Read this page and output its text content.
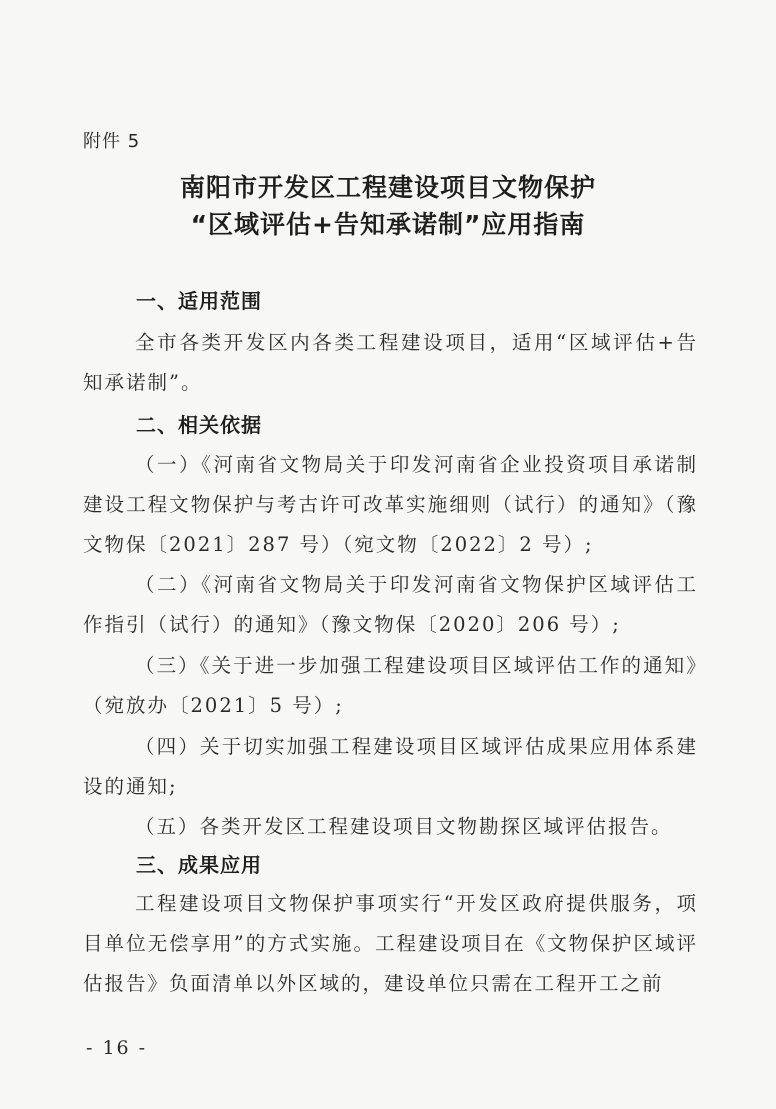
附件 5

南阳市开发区工程建设项目文物保护
“区域评估+告知承诺制”应用指南
一、适用范围

全市各类开发区内各类工程建设项目，适用“区域评估+告知承诺制”。

二、相关依据

（一）《河南省文物局关于印发河南省企业投资项目承诺制建设工程文物保护与考古许可改革实施细则（试行）的通知》（豫文物保〔2021〕287 号）（宛文物〔2022〕2 号）;

（二）《河南省文物局关于印发河南省文物保护区域评估工作指引（试行）的通知》（豫文物保〔2020〕206 号）;

（三）《关于进一步加强工程建设项目区域评估工作的通知》（宛放办〔2021〕5 号）;

（四）关于切实加强工程建设项目区域评估成果应用体系建设的通知;

（五）各类开发区工程建设项目文物勘探区域评估报告。

三、成果应用

工程建设项目文物保护事项实行“开发区政府提供服务，项目单位无偿享用”的方式实施。工程建设项目在《文物保护区域评估报告》负面清单以外区域的，建设单位只需在工程开工之前

- 16 -
